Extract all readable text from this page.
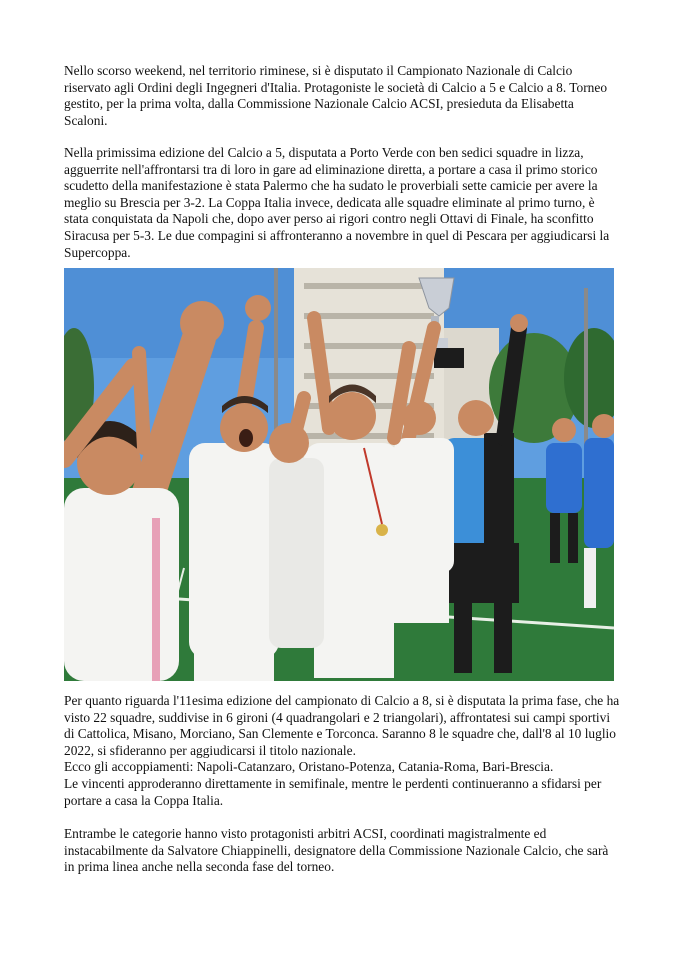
Nello scorso weekend, nel territorio riminese, si è disputato il Campionato Nazionale di Calcio riservato agli Ordini degli Ingegneri d'Italia. Protagoniste le società di Calcio a 5 e Calcio a 8. Torneo gestito, per la prima volta, dalla Commissione Nazionale Calcio ACSI, presieduta da Elisabetta Scaloni.

Nella primissima edizione del Calcio a 5, disputata a Porto Verde con ben sedici squadre in lizza, agguerrite nell'affrontarsi tra di loro in gare ad eliminazione diretta, a portare a casa il primo storico scudetto della manifestazione è stata Palermo che ha sudato le proverbiali sette camicie per avere la meglio su Brescia per 3-2. La Coppa Italia invece, dedicata alle squadre eliminate al primo turno, è stata conquistata da Napoli che, dopo aver perso ai rigori contro negli Ottavi di Finale, ha sconfitto Siracusa per 5-3. Le due compagini si affronteranno a novembre in quel di Pescara per aggiudicarsi la Supercoppa.

Per quanto riguarda l'11esima edizione del campionato di Calcio a 8, si è disputata la prima fase, che ha visto 22 squadre, suddivise in 6 gironi (4 quadrangolari e 2 triangolari), affrontatesi sui campi sportivi di Cattolica, Misano, Morciano, San Clemente e Torconca. Saranno 8 le squadre che, dall'8 al 10 luglio 2022, si sfideranno per aggiudicarsi il titolo nazionale.

Ecco gli accoppiamenti: Napoli-Catanzaro, Oristano-Potenza, Catania-Roma, Bari-Brescia.

Le vincenti approderanno direttamente in semifinale, mentre le perdenti continueranno a sfidarsi per portare a casa la Coppa Italia.

Entrambe le categorie hanno visto protagonisti arbitri ACSI, coordinati magistralmente ed instacabilmente da Salvatore Chiappinelli, designatore della Commissione Nazionale Calcio, che sarà in prima linea anche nella seconda fase del torneo.
